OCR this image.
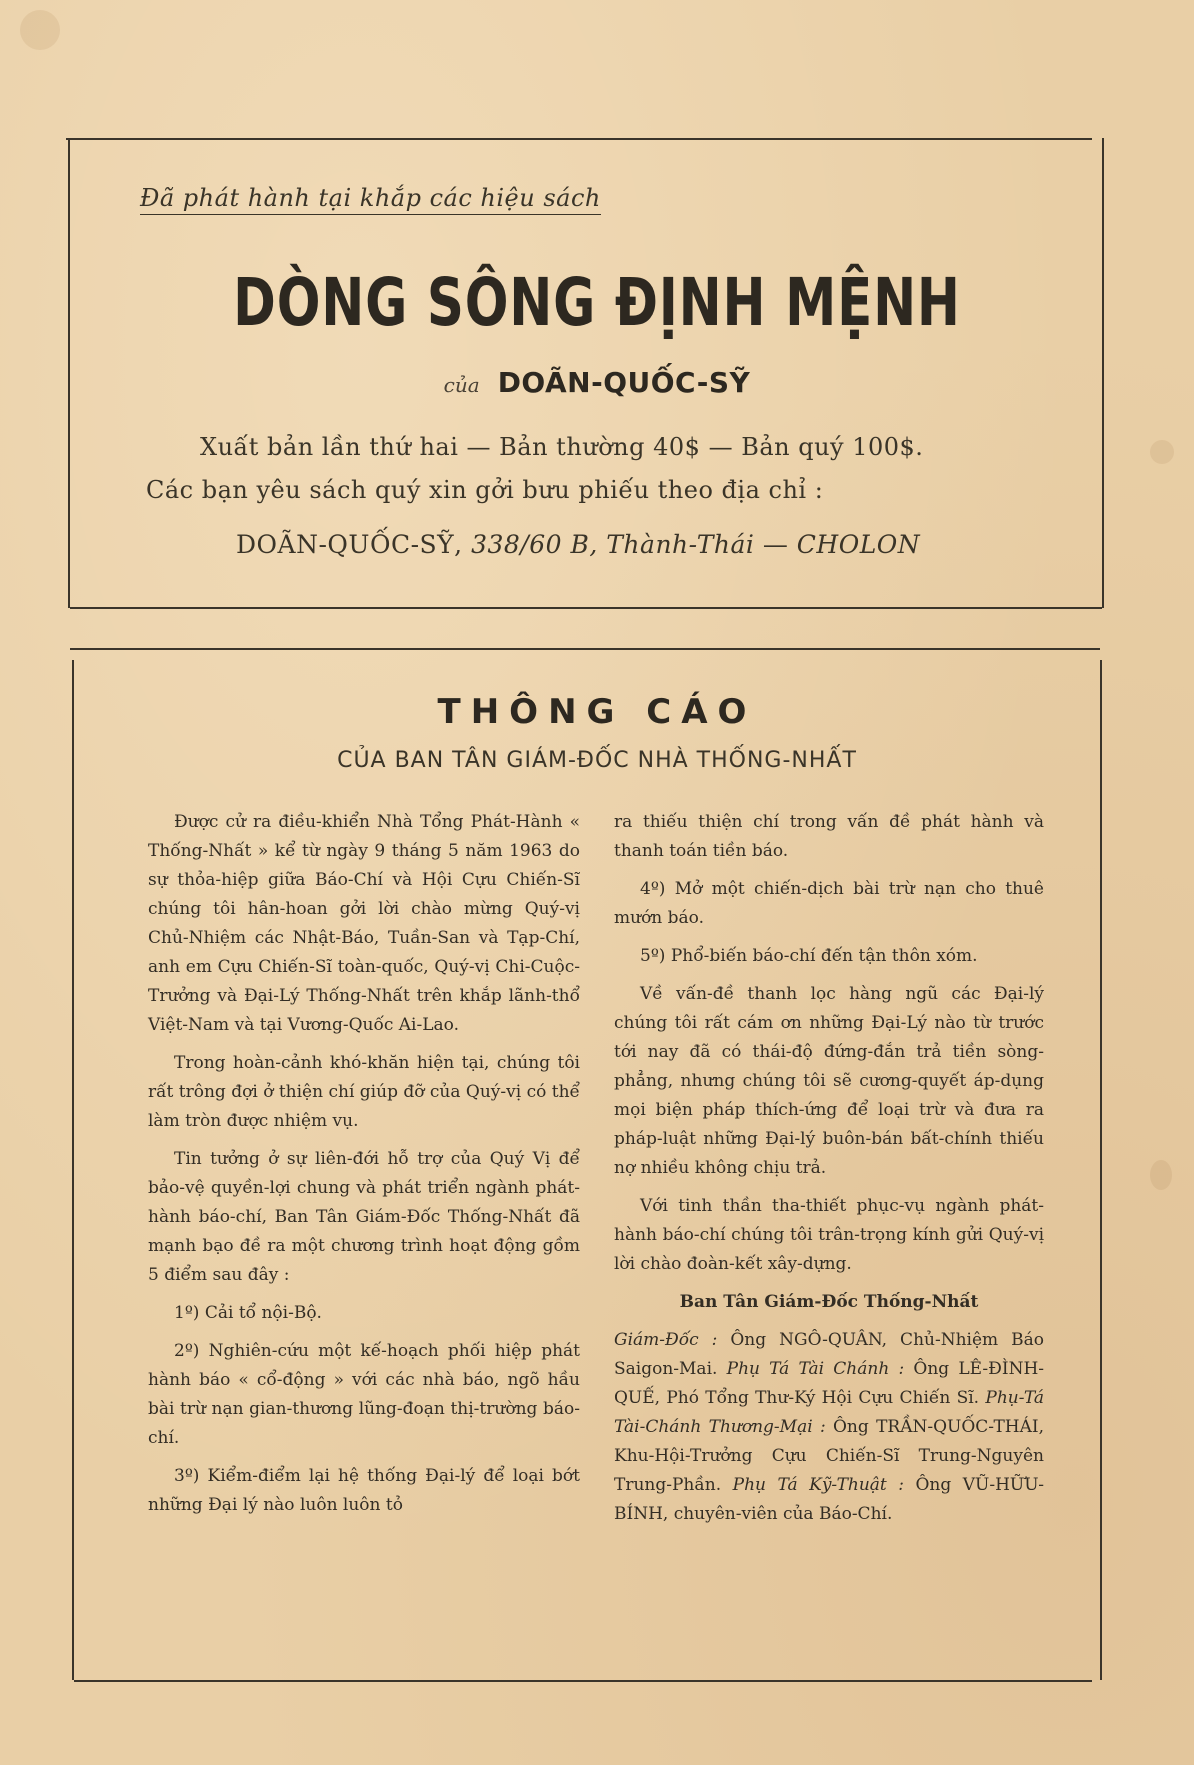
Đã phát hành tại khắp các hiệu sách
DÒNG SÔNG ĐỊNH MỆNH
của DOÃN-QUỐC-SỸ
Xuất bản lần thứ hai — Bản thường 40$ — Bản quý 100$.
Các bạn yêu sách quý xin gởi bưu phiếu theo địa chỉ :
DOÃN-QUỐC-SỸ, 338/60 B, Thành-Thái — CHOLON
THÔNG CÁO
CỦA BAN TÂN GIÁM-ĐỐC NHÀ THỐNG-NHẤT

Được cử ra điều-khiển Nhà Tổng Phát-Hành « Thống-Nhất » kể từ ngày 9 tháng 5 năm 1963 do sự thỏa-hiệp giữa Báo-Chí và Hội Cựu Chiến-Sĩ chúng tôi hân-hoan gởi lời chào mừng Quý-vị Chủ-Nhiệm các Nhật-Báo, Tuần-San và Tạp-Chí, anh em Cựu Chiến-Sĩ toàn-quốc, Quý-vị Chi-Cuộc-Trưởng và Đại-Lý Thống-Nhất trên khắp lãnh-thổ Việt-Nam và tại Vương-Quốc Ai-Lao.

Trong hoàn-cảnh khó-khăn hiện tại, chúng tôi rất trông đợi ở thiện chí giúp đỡ của Quý-vị có thể làm tròn được nhiệm vụ.

Tin tưởng ở sự liên-đới hỗ trợ của Quý Vị để bảo-vệ quyền-lợi chung và phát triển ngành phát-hành báo-chí, Ban Tân Giám-Đốc Thống-Nhất đã mạnh bạo đề ra một chương trình hoạt động gồm 5 điểm sau đây :

1º) Cải tổ nội-Bộ.

2º) Nghiên-cứu một kế-hoạch phối hiệp phát hành báo « cổ-động » với các nhà báo, ngõ hầu bài trừ nạn gian-thương lũng-đoạn thị-trường báo-chí.

3º) Kiểm-điểm lại hệ thống Đại-lý để loại bớt những Đại lý nào luôn luôn tỏ

ra thiếu thiện chí trong vấn đề phát hành và thanh toán tiền báo.

4º) Mở một chiến-dịch bài trừ nạn cho thuê mướn báo.

5º) Phổ-biến báo-chí đến tận thôn xóm.

Về vấn-đề thanh lọc hàng ngũ các Đại-lý chúng tôi rất cám ơn những Đại-Lý nào từ trước tới nay đã có thái-độ đứng-đắn trả tiền sòng-phẳng, nhưng chúng tôi sẽ cương-quyết áp-dụng mọi biện pháp thích-ứng để loại trừ và đưa ra pháp-luật những Đại-lý buôn-bán bất-chính thiếu nợ nhiều không chịu trả.

Với tinh thần tha-thiết phục-vụ ngành phát-hành báo-chí chúng tôi trân-trọng kính gửi Quý-vị lời chào đoàn-kết xây-dựng.

Ban Tân Giám-Đốc Thống-Nhất

Giám-Đốc : Ông NGÔ-QUÂN, Chủ-Nhiệm Báo Saigon-Mai. Phụ Tá Tài Chánh : Ông LÊ-ĐÌNH-QUẾ, Phó Tổng Thư-Ký Hội Cựu Chiến Sĩ. Phụ-Tá Tài-Chánh Thương-Mại : Ông TRẦN-QUỐC-THÁI, Khu-Hội-Trưởng Cựu Chiến-Sĩ Trung-Nguyên Trung-Phần. Phụ Tá Kỹ-Thuật : Ông VŨ-HỮU-BÍNH, chuyên-viên của Báo-Chí.
